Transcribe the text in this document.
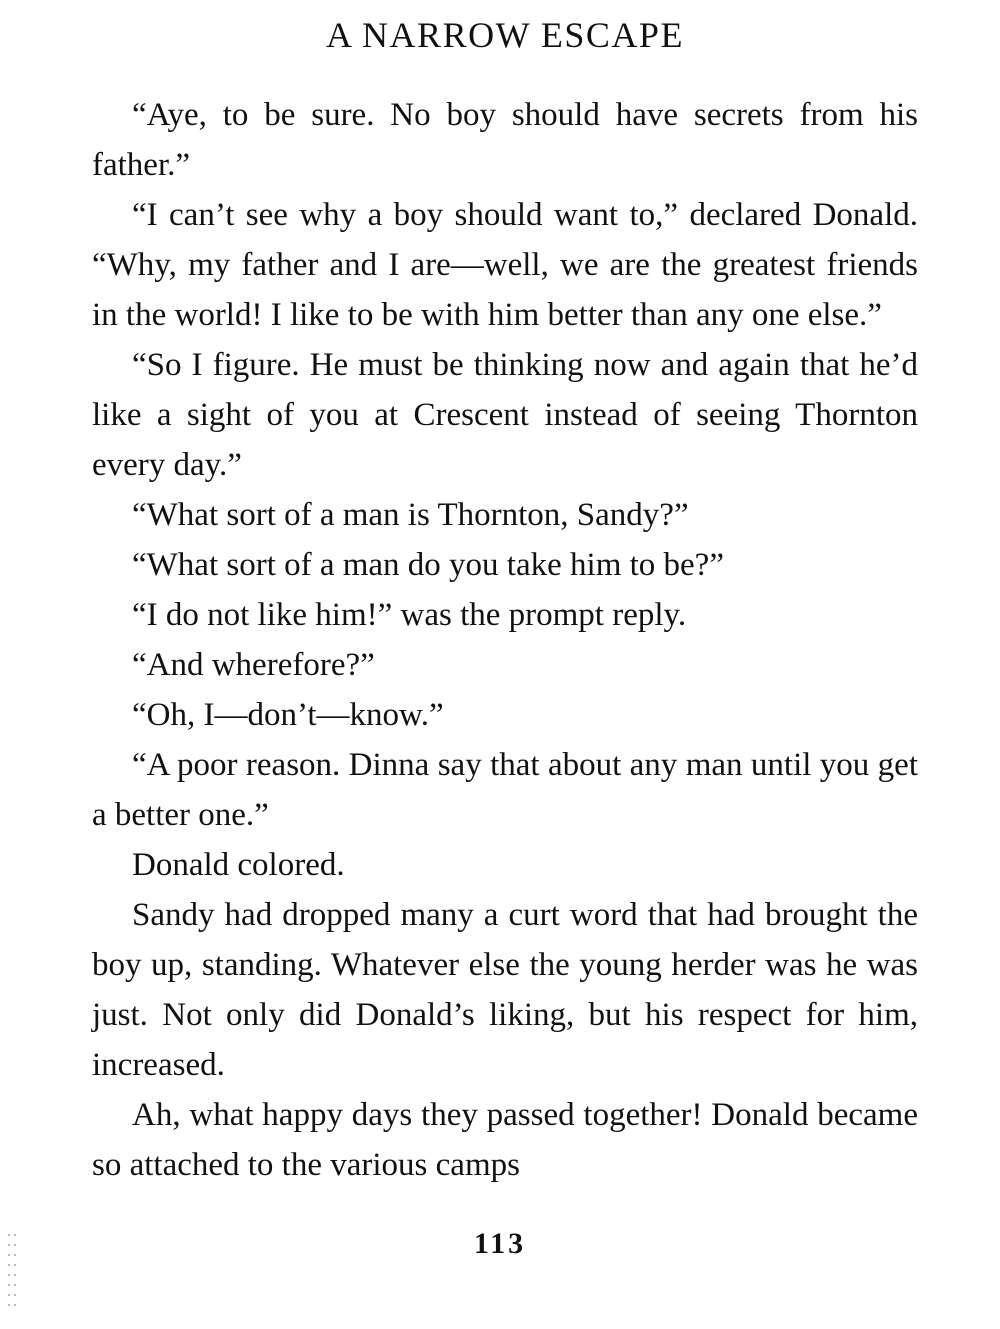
A NARROW ESCAPE

“Aye, to be sure. No boy should have secrets from his father.”

“I can’t see why a boy should want to,” declared Donald. “Why, my father and I are—well, we are the greatest friends in the world! I like to be with him better than any one else.”

“So I figure. He must be thinking now and again that he’d like a sight of you at Crescent instead of seeing Thornton every day.”

“What sort of a man is Thornton, Sandy?”

“What sort of a man do you take him to be?”

“I do not like him!” was the prompt reply.

“And wherefore?”

“Oh, I—don’t—know.”

“A poor reason. Dinna say that about any man until you get a better one.”

Donald colored.

Sandy had dropped many a curt word that had brought the boy up, standing. Whatever else the young herder was he was just. Not only did Donald’s liking, but his respect for him, increased.

Ah, what happy days they passed together! Donald became so attached to the various camps

113
